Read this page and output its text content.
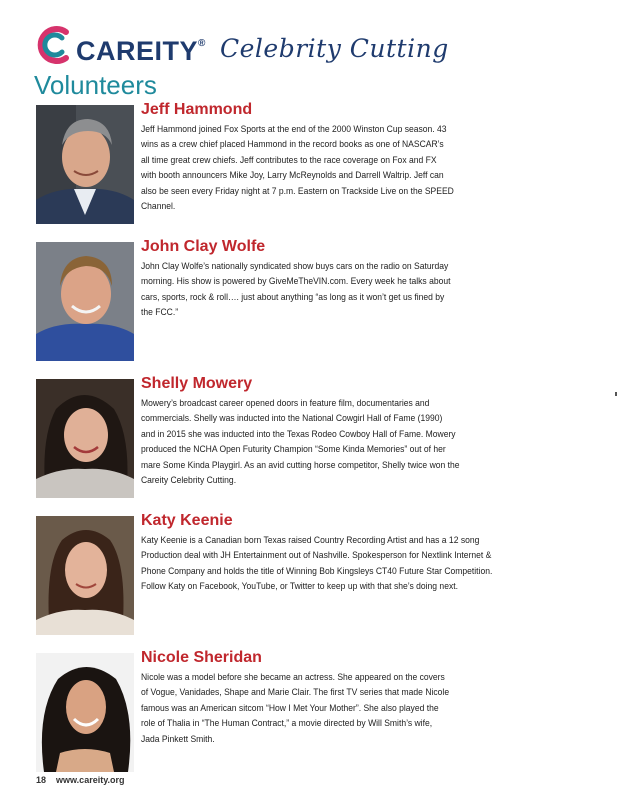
CAREITY® Celebrity Cutting
Volunteers
Jeff Hammond
Jeff Hammond joined Fox Sports at the end of the 2000 Winston Cup season. 43
wins as a crew chief placed Hammond in the record books as one of NASCAR’s
all time great crew chiefs. Jeff contributes to the race coverage on Fox and FX
with booth announcers Mike Joy, Larry McReynolds and Darrell Waltrip. Jeff can
also be seen every Friday night at 7 p.m. Eastern on Trackside Live on the SPEED
Channel.
John Clay Wolfe
John Clay Wolfe’s nationally syndicated show buys cars on the radio on Saturday
morning. His show is powered by GiveMeTheVIN.com. Every week he talks about
cars, sports, rock & roll…. just about anything “as long as it won’t get us fined by
the FCC.”
Shelly Mowery
Mowery’s broadcast career opened doors in feature film, documentaries and
commercials. Shelly was inducted into the National Cowgirl Hall of Fame (1990)
and in 2015 she was inducted into the Texas Rodeo Cowboy Hall of Fame. Mowery
produced the NCHA Open Futurity Champion “Some Kinda Memories” out of her
mare Some Kinda Playgirl. As an avid cutting horse competitor, Shelly twice won the
Careity Celebrity Cutting.
Katy Keenie
Katy Keenie is a Canadian born Texas raised Country Recording Artist and has a 12 song
Production deal with JH Entertainment out of Nashville. Spokesperson for Nextlink Internet &
Phone Company and holds the title of Winning Bob Kingsleys CT40 Future Star Competition.
Follow Katy on Facebook, YouTube, or Twitter to keep up with that she’s doing next.
Nicole Sheridan
Nicole was a model before she became an actress. She appeared on the covers
of Vogue, Vanidades, Shape and Marie Clair. The first TV series that made Nicole
famous was an American sitcom “How I Met Your Mother”. She also played the
role of Thalia in “The Human Contract,” a movie directed by Will Smith’s wife,
Jada Pinkett Smith.
18 www.careity.org
